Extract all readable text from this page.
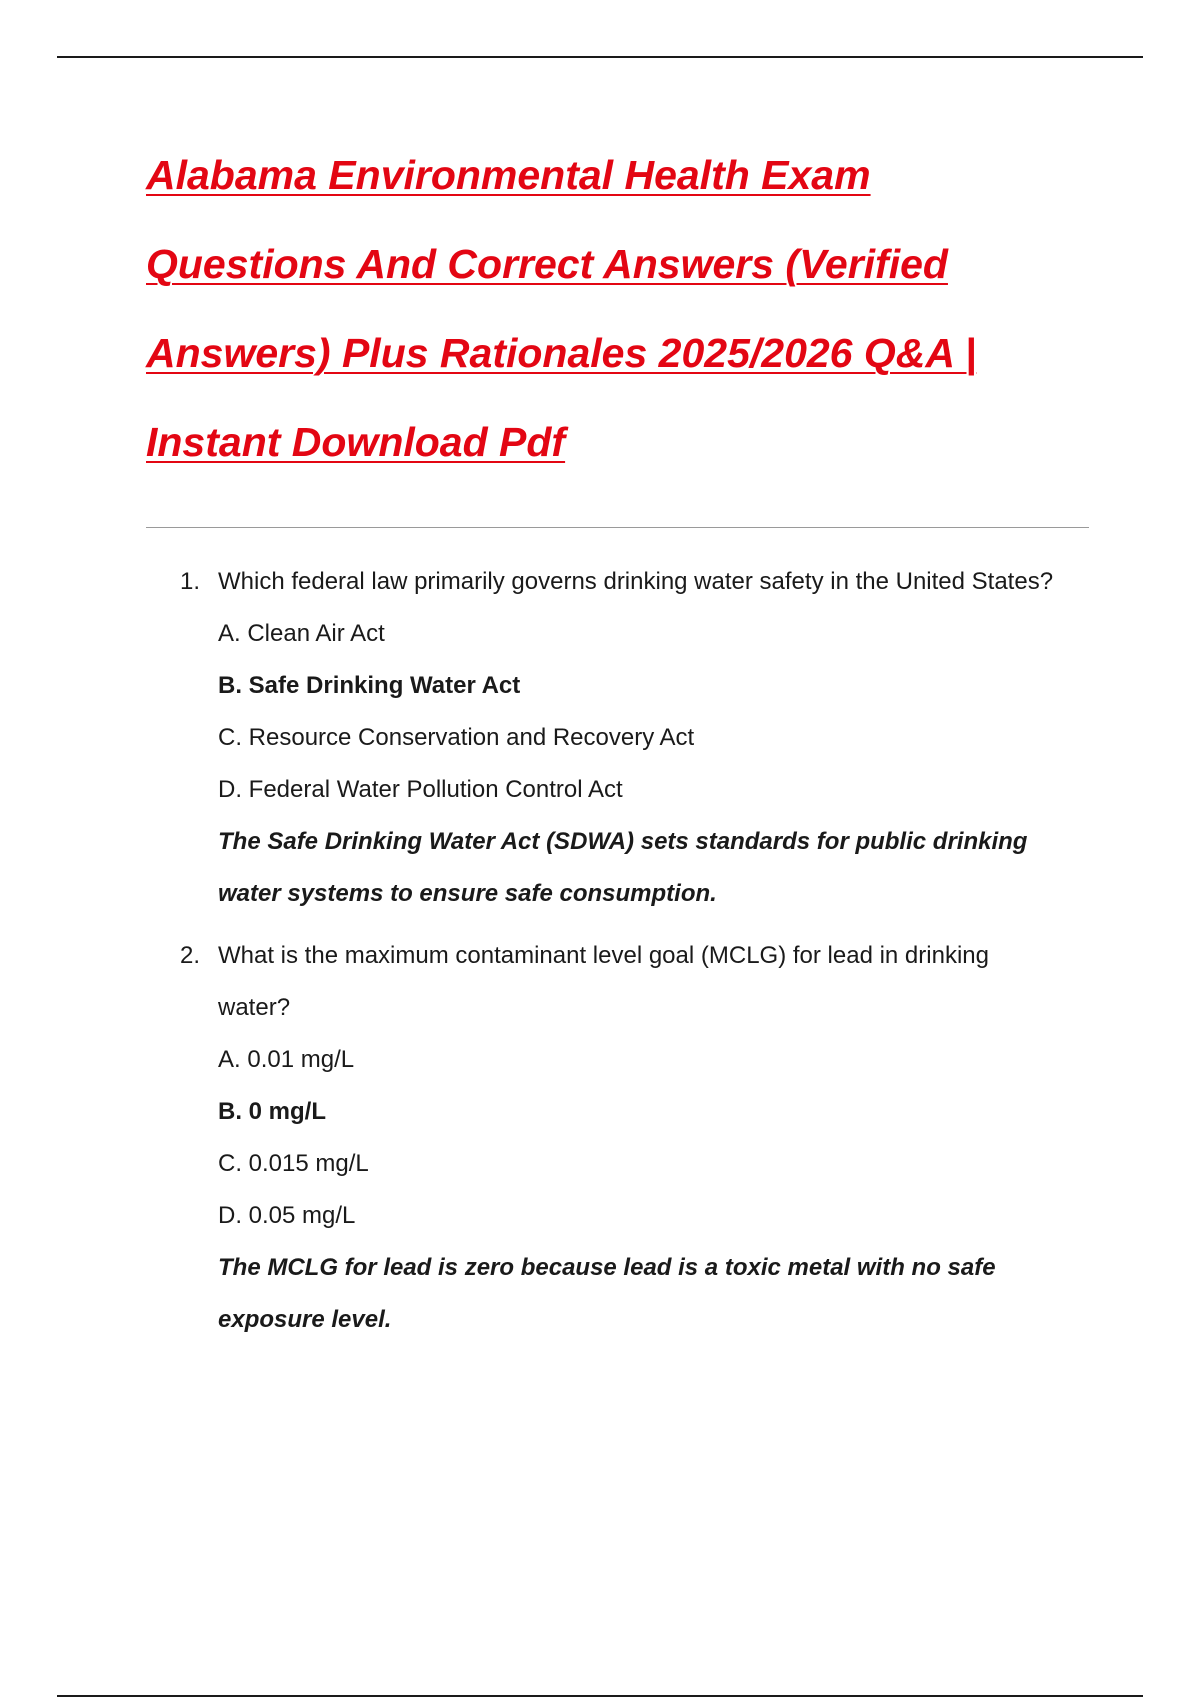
Alabama Environmental Health Exam
Questions And Correct Answers (Verified
Answers) Plus Rationales 2025/2026 Q&A |
Instant Download Pdf
1. Which federal law primarily governs drinking water safety in the United States?
A. Clean Air Act
B. Safe Drinking Water Act
C. Resource Conservation and Recovery Act
D. Federal Water Pollution Control Act
The Safe Drinking Water Act (SDWA) sets standards for public drinking water systems to ensure safe consumption.
2. What is the maximum contaminant level goal (MCLG) for lead in drinking water?
A. 0.01 mg/L
B. 0 mg/L
C. 0.015 mg/L
D. 0.05 mg/L
The MCLG for lead is zero because lead is a toxic metal with no safe exposure level.
